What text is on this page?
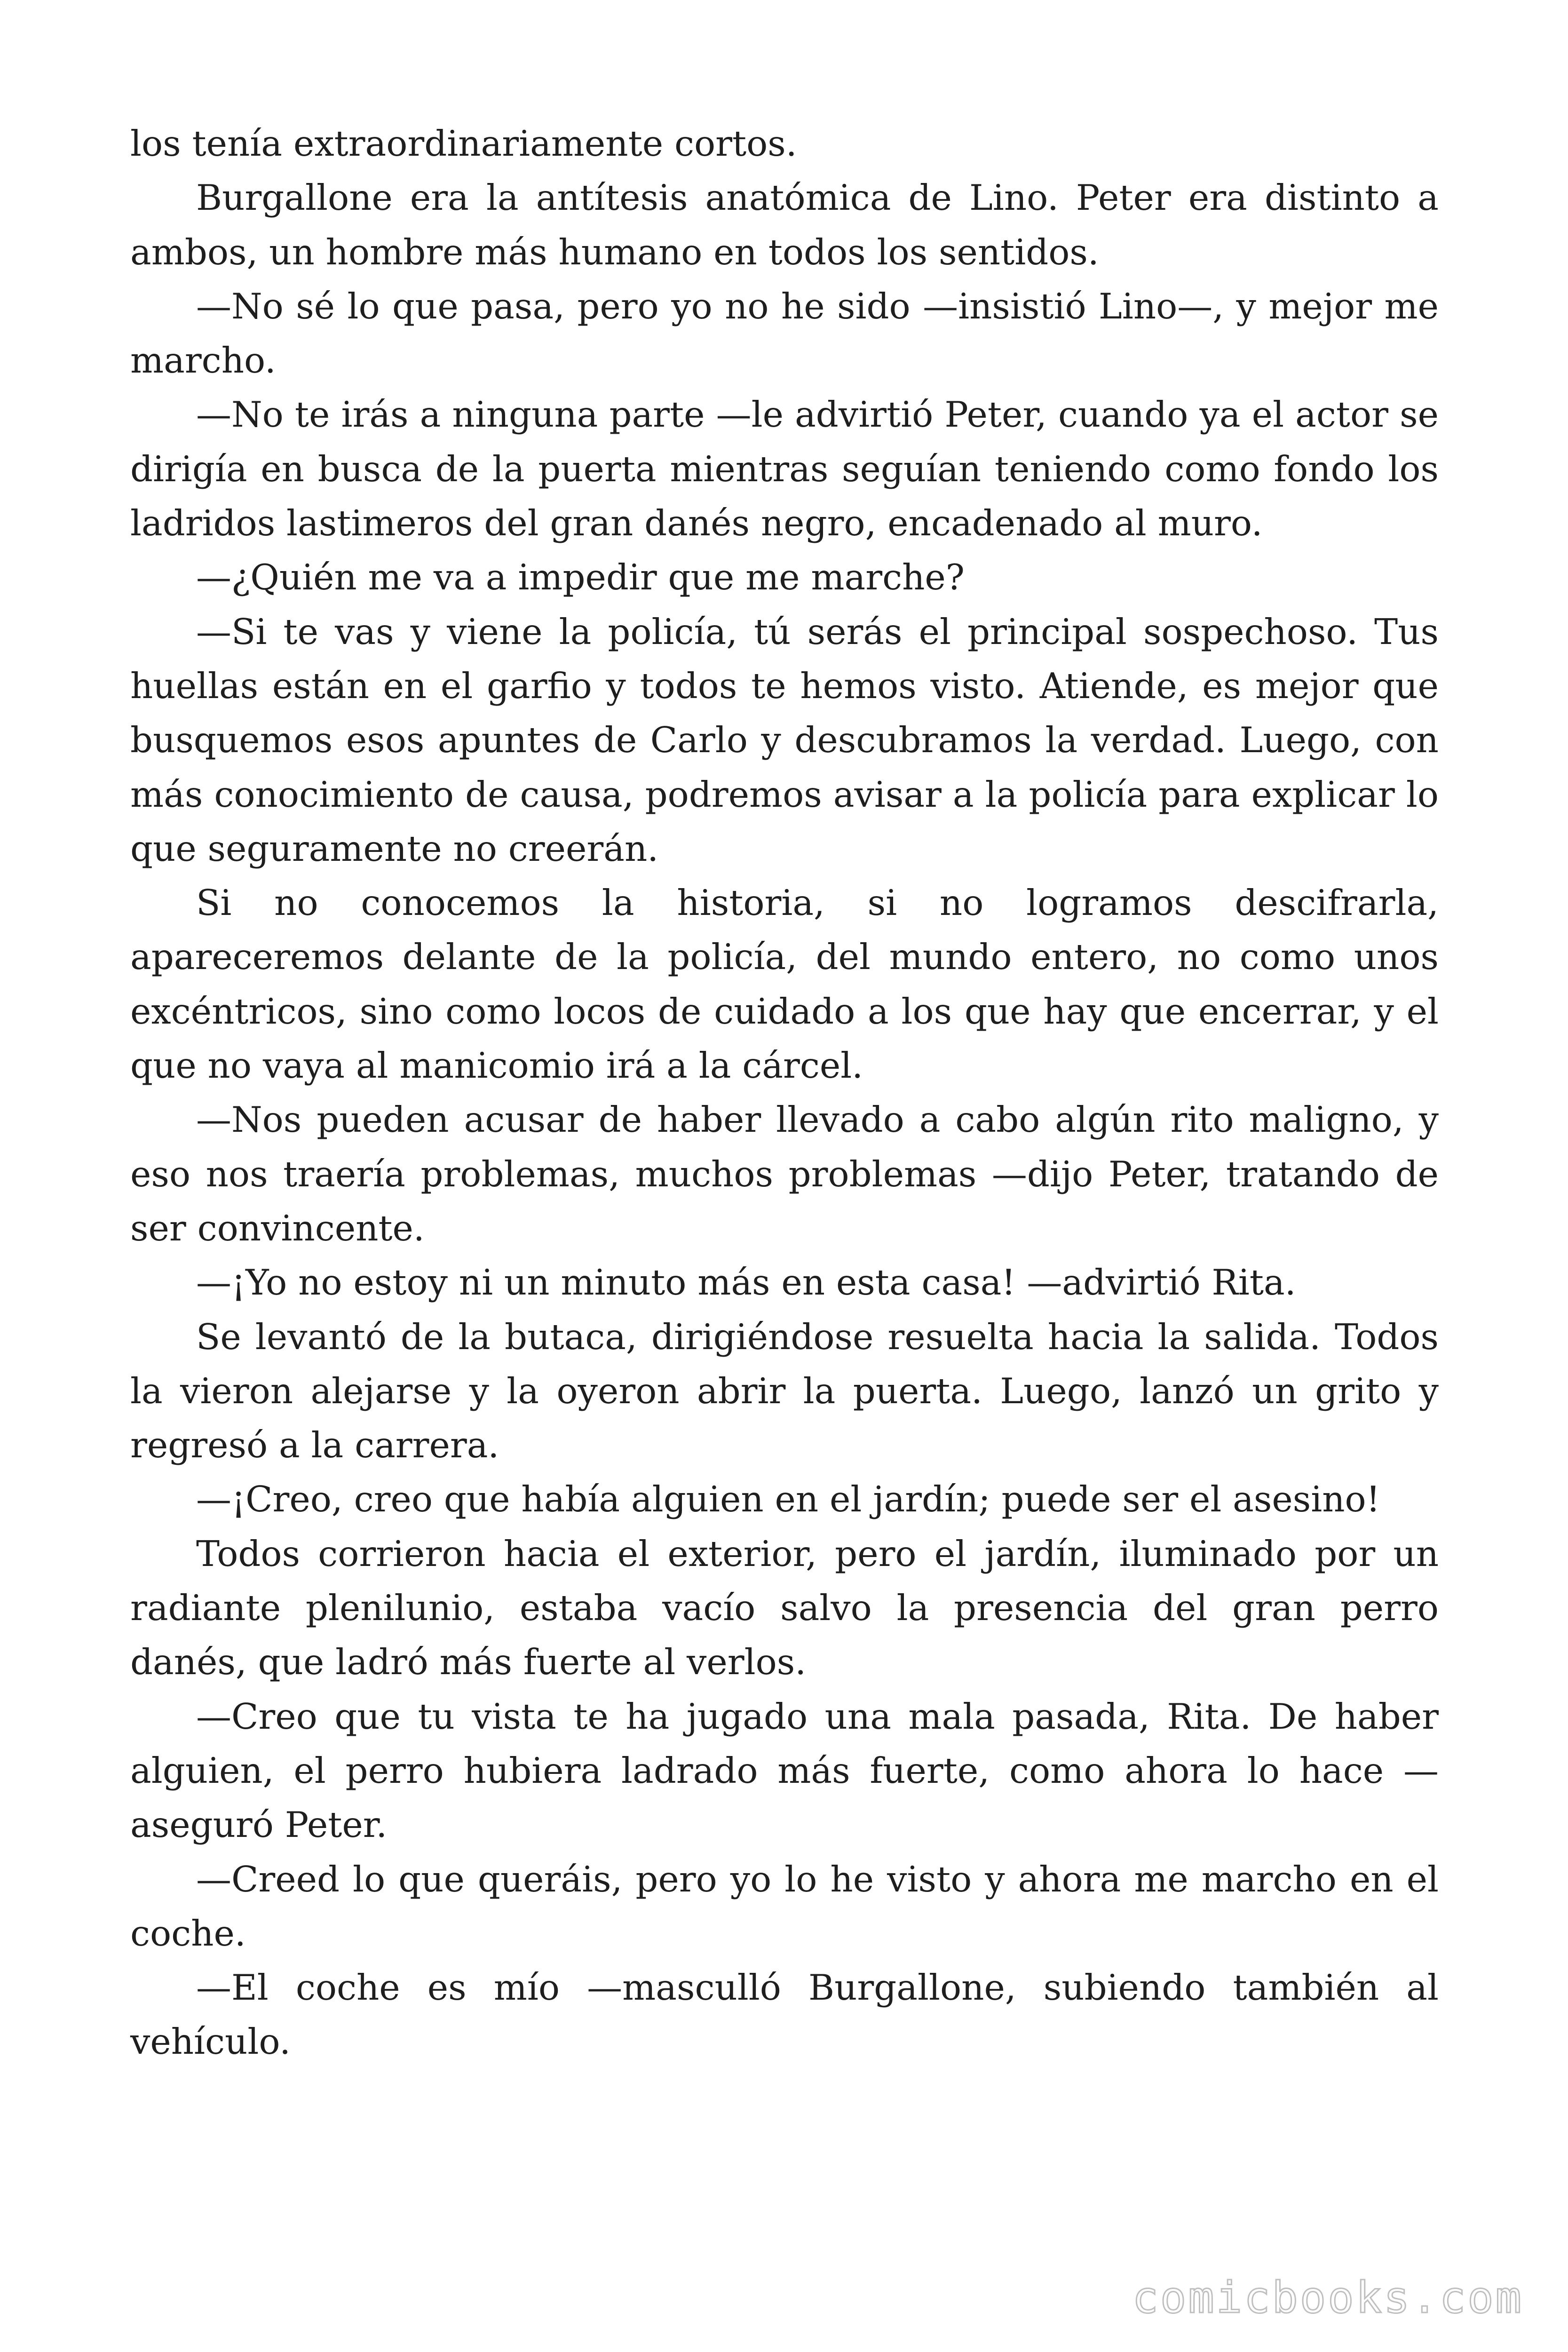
los tenía extraordinariamente cortos.

Burgallone era la antítesis anatómica de Lino. Peter era distinto a ambos, un hombre más humano en todos los sentidos.

—No sé lo que pasa, pero yo no he sido —insistió Lino—, y mejor me marcho.

—No te irás a ninguna parte —le advirtió Peter, cuando ya el actor se dirigía en busca de la puerta mientras seguían teniendo como fondo los ladridos lastimeros del gran danés negro, encadenado al muro.

—¿Quién me va a impedir que me marche?

—Si te vas y viene la policía, tú serás el principal sospechoso. Tus huellas están en el garfio y todos te hemos visto. Atiende, es mejor que busquemos esos apuntes de Carlo y descubramos la verdad. Luego, con más conocimiento de causa, podremos avisar a la policía para explicar lo que seguramente no creerán.

Si no conocemos la historia, si no logramos descifrarla, apareceremos delante de la policía, del mundo entero, no como unos excéntricos, sino como locos de cuidado a los que hay que encerrar, y el que no vaya al manicomio irá a la cárcel.

—Nos pueden acusar de haber llevado a cabo algún rito maligno, y eso nos traería problemas, muchos problemas —dijo Peter, tratando de ser convincente.

—¡Yo no estoy ni un minuto más en esta casa! —advirtió Rita.

Se levantó de la butaca, dirigiéndose resuelta hacia la salida. Todos la vieron alejarse y la oyeron abrir la puerta. Luego, lanzó un grito y regresó a la carrera.

—¡Creo, creo que había alguien en el jardín; puede ser el asesino!

Todos corrieron hacia el exterior, pero el jardín, iluminado por un radiante plenilunio, estaba vacío salvo la presencia del gran perro danés, que ladró más fuerte al verlos.

—Creo que tu vista te ha jugado una mala pasada, Rita. De haber alguien, el perro hubiera ladrado más fuerte, como ahora lo hace —aseguró Peter.

—Creed lo que queráis, pero yo lo he visto y ahora me marcho en el coche.

—El coche es mío —masculló Burgallone, subiendo también al vehículo.

comicbooks.com
